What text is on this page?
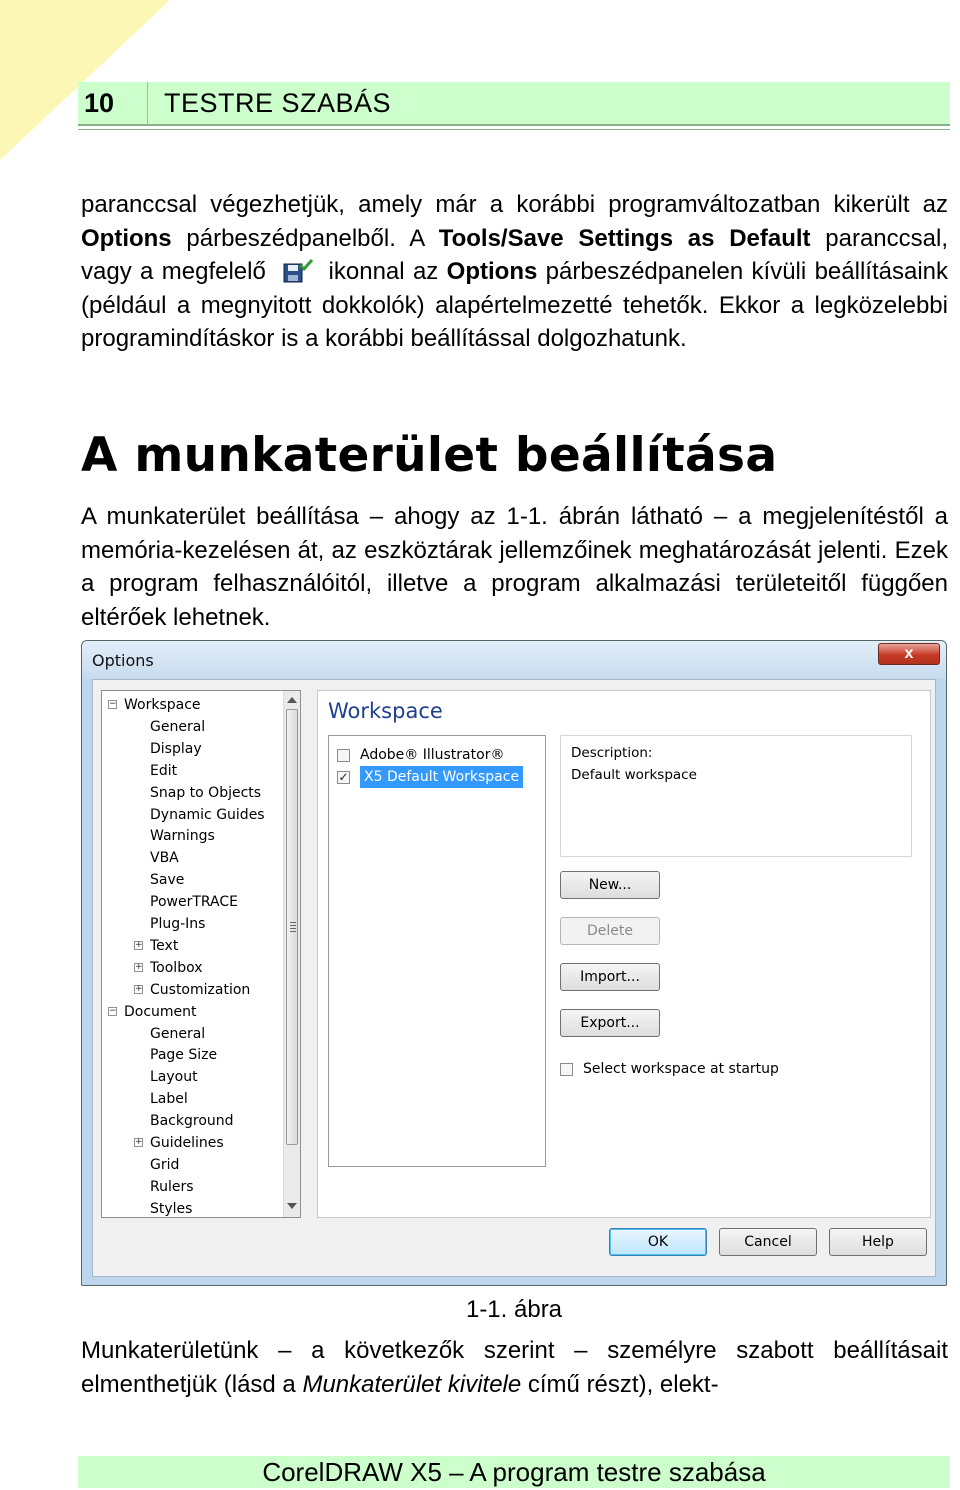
10	TESTRE SZABÁS
paranccsal végezhetjük, amely már a korábbi programváltozatban kikerült az Options párbeszédpanelből. A Tools/Save Settings as Default paranccsal, vagy a megfelelő  ikonnal az Options párbeszédpanelen kívüli beállításaink (például a megnyitott dokkolók) alapértelmezetté tehetők. Ekkor a legközelebbi programindításkor is a korábbi beállítással dolgozhatunk.
A munkaterület beállítása
A munkaterület beállítása – ahogy az 1-1. ábrán látható – a megjelenítéstől a memória-kezelésen át, az eszköztárak jellemzőinek meghatározását jelenti. Ezek a program felhasználóitól, illetve a program alkalmazási területeitől függően eltérőek lehetnek.
Options	x
− Workspace
General
Display
Edit
Snap to Objects
Dynamic Guides
Warnings
VBA
Save
PowerTRACE
Plug-Ins
+ Text
+ Toolbox
+ Customization
− Document
General
Page Size
Layout
Label
Background
+ Guidelines
Grid
Rulers
Styles
Workspace
Adobe® Illustrator®
✓ X5 Default Workspace
Description:
Default workspace
New...
Delete
Import...
Export...
Select workspace at startup
OK	Cancel	Help
1-1. ábra
Munkaterületünk – a következők szerint – személyre szabott beállításait elmenthetjük (lásd a Munkaterület kivitele című részt), elekt-
CorelDRAW X5 – A program testre szabása
